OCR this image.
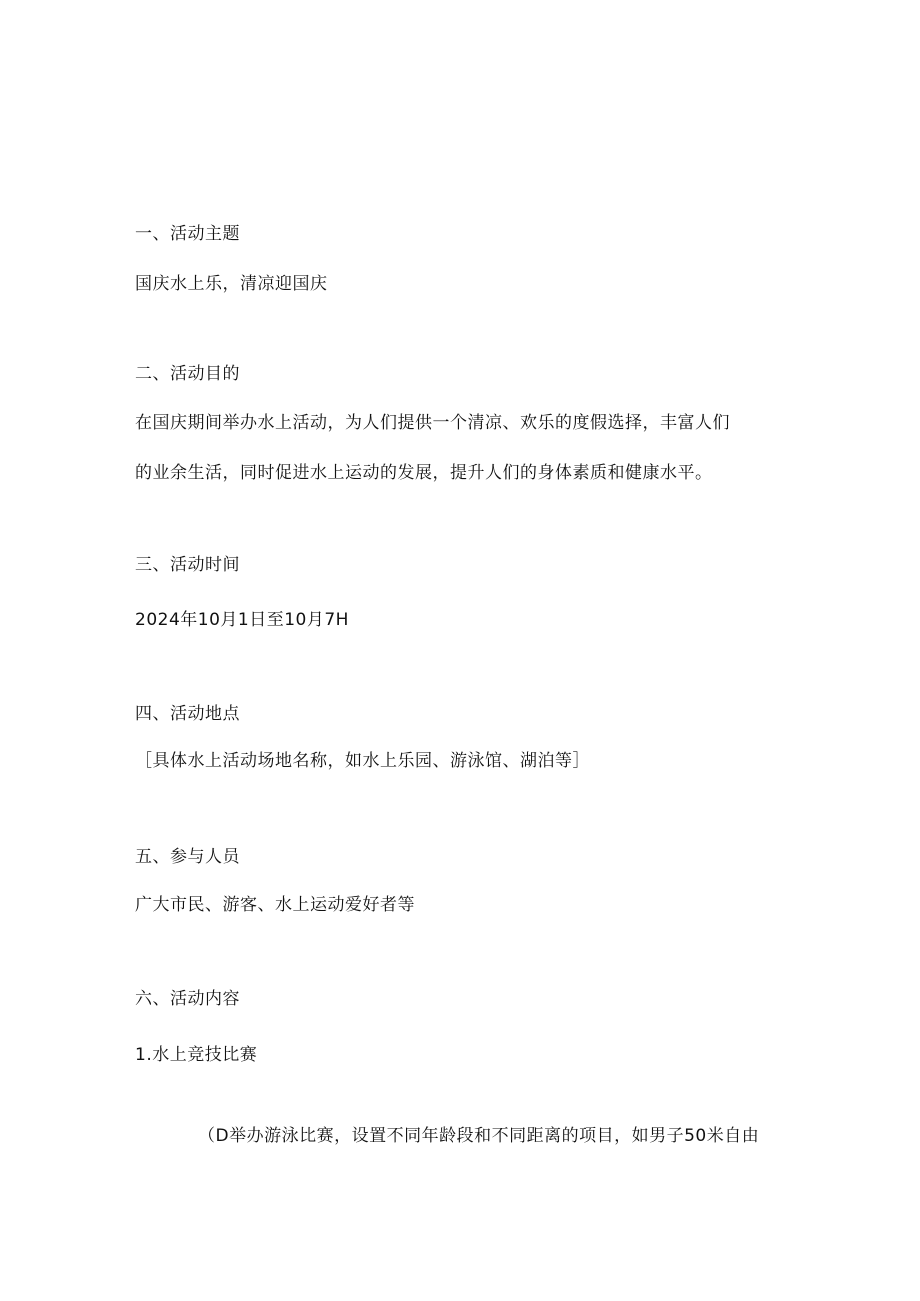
一、活动主题
国庆水上乐，清凉迎国庆
二、活动目的
在国庆期间举办水上活动，为人们提供一个清凉、欢乐的度假选择，丰富人们
的业余生活，同时促进水上运动的发展，提升人们的身体素质和健康水平。
三、活动时间
2024年10月1日至10月7H
四、活动地点
［具体水上活动场地名称，如水上乐园、游泳馆、湖泊等］
五、参与人员
广大市民、游客、水上运动爱好者等
六、活动内容
1.水上竞技比赛
（D举办游泳比赛，设置不同年龄段和不同距离的项目，如男子50米自由
